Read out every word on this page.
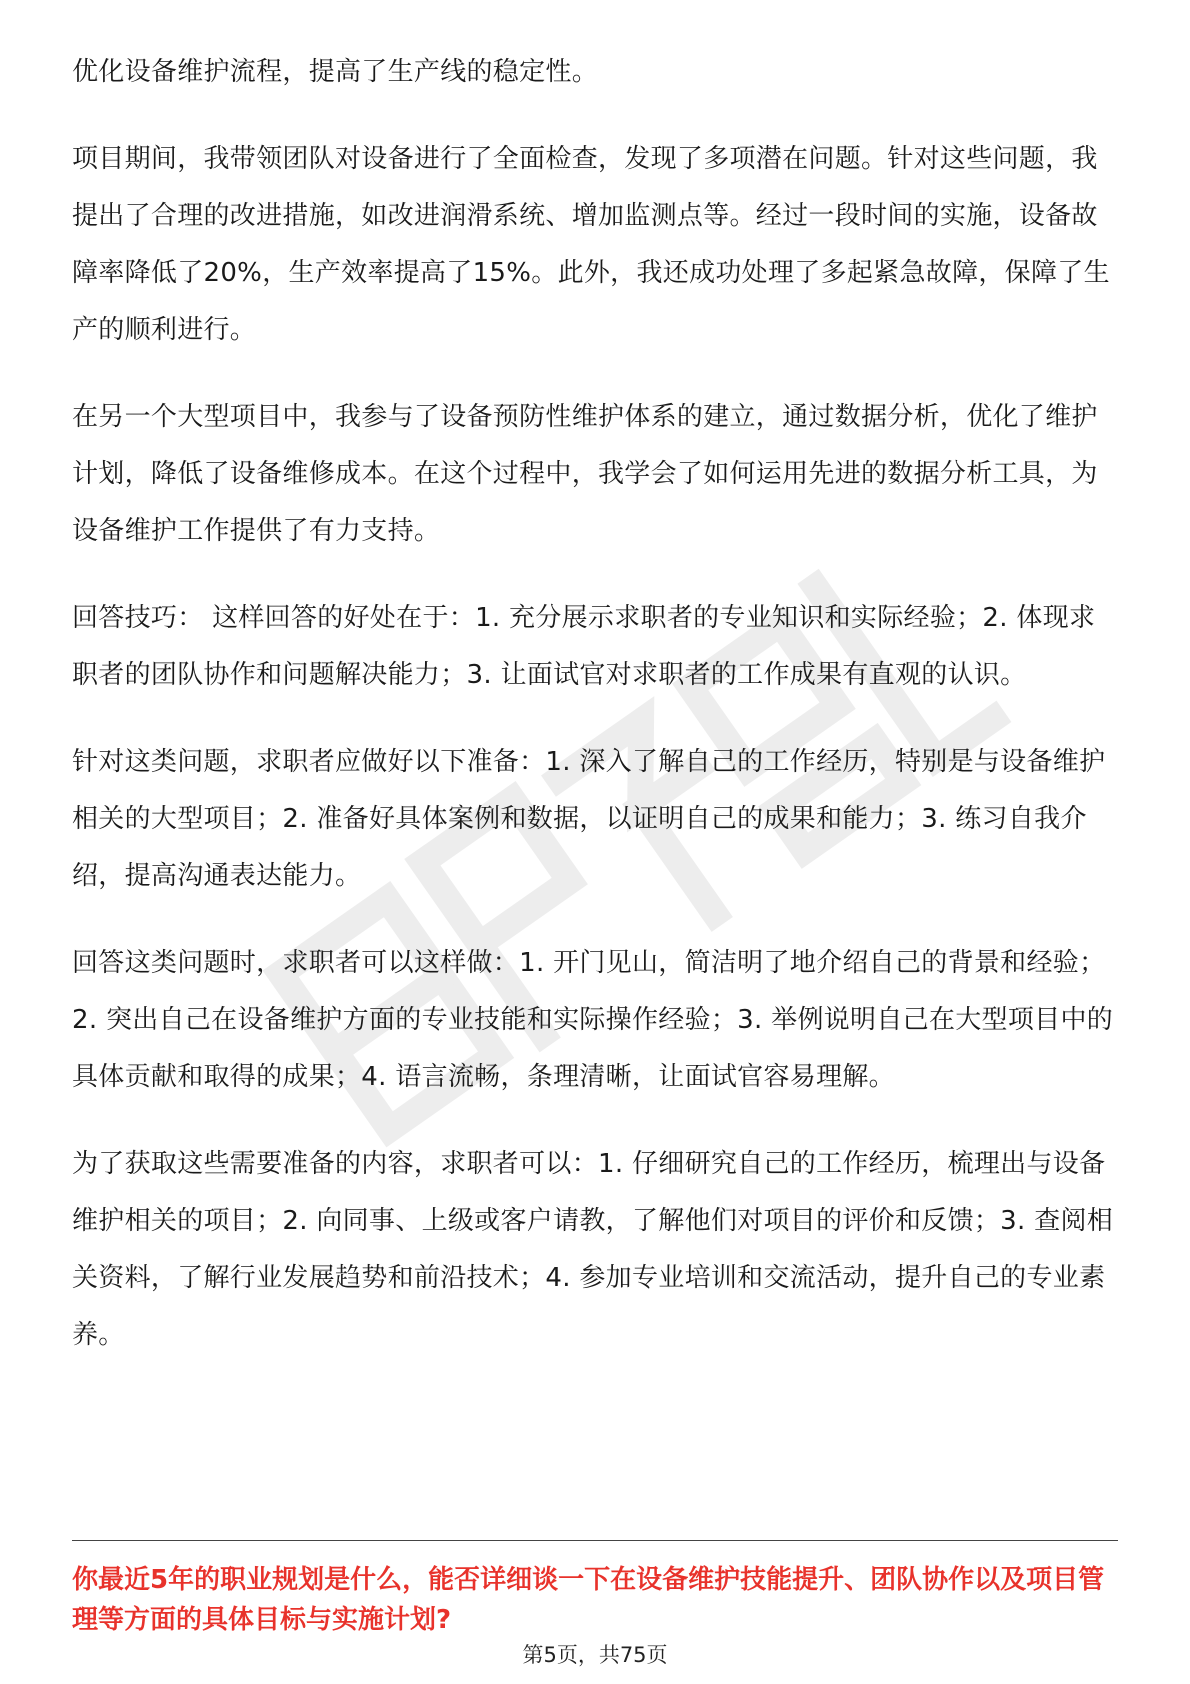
优化设备维护流程，提高了生产线的稳定性。

项目期间，我带领团队对设备进行了全面检查，发现了多项潜在问题。针对这些问题，我提出了合理的改进措施，如改进润滑系统、增加监测点等。经过一段时间的实施，设备故障率降低了20%，生产效率提高了15%。此外，我还成功处理了多起紧急故障，保障了生产的顺利进行。

在另一个大型项目中，我参与了设备预防性维护体系的建立，通过数据分析，优化了维护计划，降低了设备维修成本。在这个过程中，我学会了如何运用先进的数据分析工具，为设备维护工作提供了有力支持。

回答技巧： 这样回答的好处在于：1. 充分展示求职者的专业知识和实际经验；2. 体现求职者的团队协作和问题解决能力；3. 让面试官对求职者的工作成果有直观的认识。

针对这类问题，求职者应做好以下准备：1. 深入了解自己的工作经历，特别是与设备维护相关的大型项目；2. 准备好具体案例和数据，以证明自己的成果和能力；3. 练习自我介绍，提高沟通表达能力。

回答这类问题时，求职者可以这样做：1. 开门见山，简洁明了地介绍自己的背景和经验；2. 突出自己在设备维护方面的专业技能和实际操作经验；3. 举例说明自己在大型项目中的具体贡献和取得的成果；4. 语言流畅，条理清晰，让面试官容易理解。

为了获取这些需要准备的内容，求职者可以：1. 仔细研究自己的工作经历，梳理出与设备维护相关的项目；2. 向同事、上级或客户请教，了解他们对项目的评价和反馈；3. 查阅相关资料，了解行业发展趋势和前沿技术；4. 参加专业培训和交流活动，提升自己的专业素养。

你最近5年的职业规划是什么，能否详细谈一下在设备维护技能提升、团队协作以及项目管理等方面的具体目标与实施计划?
第5页，共75页
